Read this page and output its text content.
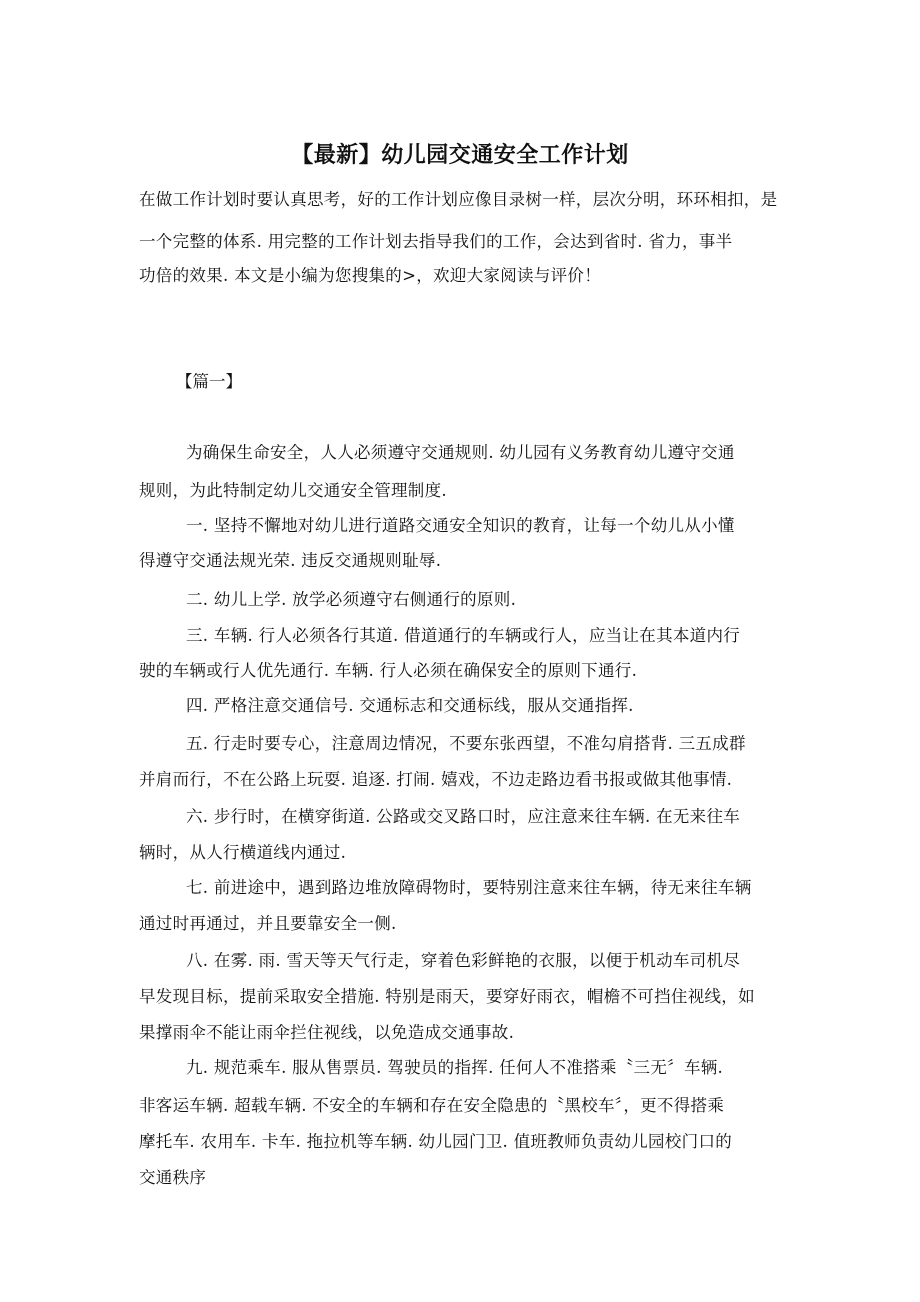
【最新】幼儿园交通安全工作计划
在做工作计划时要认真思考，好的工作计划应像目录树一样，层次分明，环环相扣，是
一个完整的体系. 用完整的工作计划去指导我们的工作，会达到省时. 省力，事半
功倍的效果. 本文是小编为您搜集的>，欢迎大家阅读与评价！
【篇一】
为确保生命安全，人人必须遵守交通规则. 幼儿园有义务教育幼儿遵守交通
规则，为此特制定幼儿交通安全管理制度.
一. 坚持不懈地对幼儿进行道路交通安全知识的教育，让每一个幼儿从小懂
得遵守交通法规光荣. 违反交通规则耻辱.
二. 幼儿上学. 放学必须遵守右侧通行的原则.
三. 车辆. 行人必须各行其道. 借道通行的车辆或行人，应当让在其本道内行
驶的车辆或行人优先通行. 车辆. 行人必须在确保安全的原则下通行.
四. 严格注意交通信号. 交通标志和交通标线，服从交通指挥.
五. 行走时要专心，注意周边情况，不要东张西望，不准勾肩搭背. 三五成群
并肩而行，不在公路上玩耍. 追逐. 打闹. 嬉戏，不边走路边看书报或做其他事情.
六. 步行时，在横穿街道. 公路或交叉路口时，应注意来往车辆. 在无来往车
辆时，从人行横道线内通过.
七. 前进途中，遇到路边堆放障碍物时，要特别注意来往车辆，待无来往车辆
通过时再通过，并且要靠安全一侧.
八. 在雾. 雨. 雪天等天气行走，穿着色彩鲜艳的衣服，以便于机动车司机尽
早发现目标，提前采取安全措施. 特别是雨天，要穿好雨衣，帽檐不可挡住视线，如
果撑雨伞不能让雨伞拦住视线，以免造成交通事故.
九. 规范乘车. 服从售票员. 驾驶员的指挥. 任何人不准搭乘〝三无〞车辆.
非客运车辆. 超载车辆. 不安全的车辆和存在安全隐患的〝黑校车〞，更不得搭乘
摩托车. 农用车. 卡车. 拖拉机等车辆. 幼儿园门卫. 值班教师负责幼儿园校门口的
交通秩序
